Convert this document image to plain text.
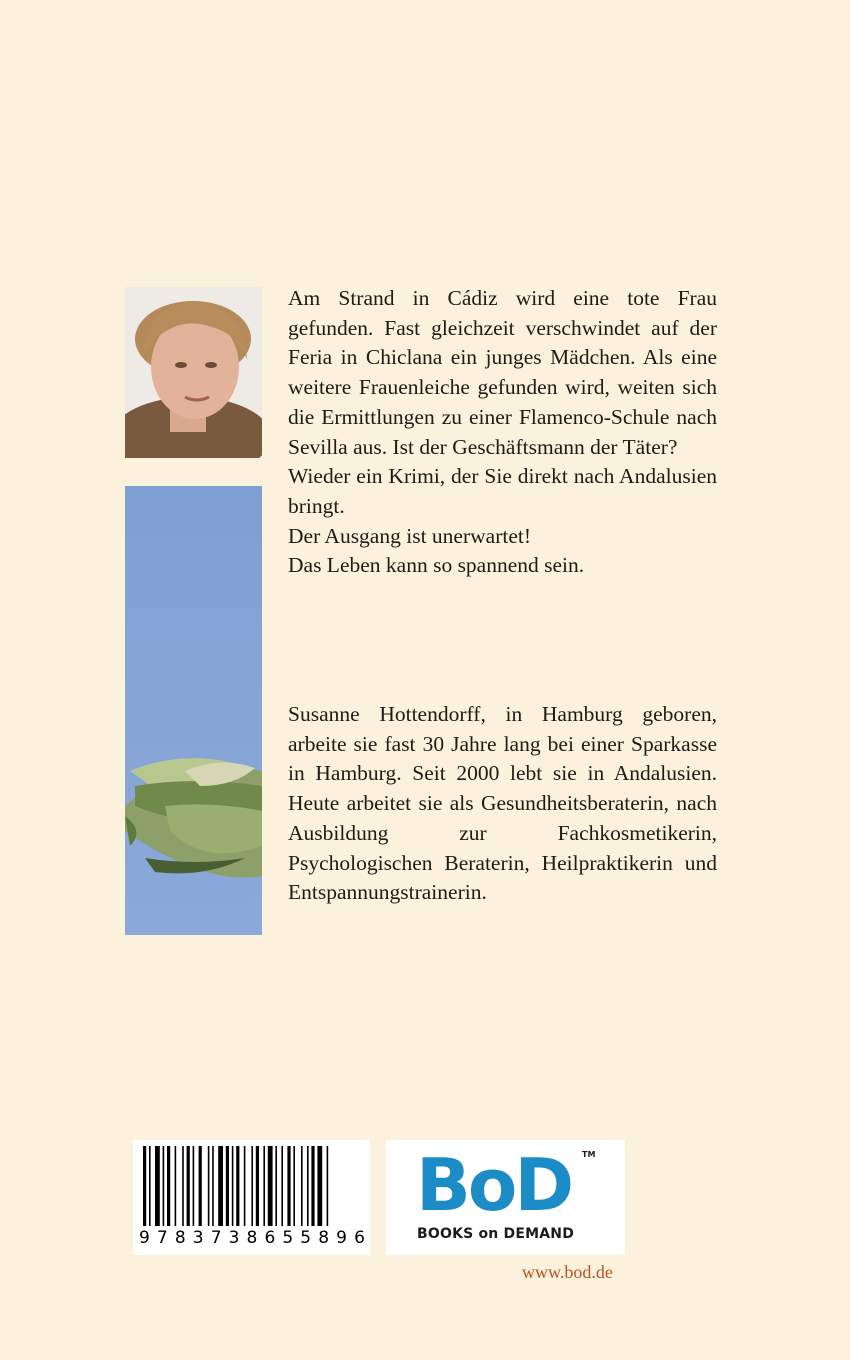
Am Strand in Cádiz wird eine tote Frau gefunden. Fast gleichzeit verschwindet auf der Feria in Chiclana ein junges Mädchen. Als eine weitere Frauenleiche gefunden wird, weiten sich die Ermittlungen zu einer Flamenco-Schule nach Sevilla aus. Ist der Geschäftsmann der Täter?

Wieder ein Krimi, der Sie direkt nach Andalusien bringt.

Der Ausgang ist unerwartet!

Das Leben kann so spannend sein.

Susanne Hottendorff, in Hamburg geboren, arbeite sie fast 30 Jahre lang bei einer Sparkasse in Hamburg. Seit 2000 lebt sie in Andalusien. Heute arbeitet sie als Gesundheitsberaterin, nach Ausbildung zur Fachkosmetikerin, Psychologischen Beraterin, Heilpraktikerin und Entspannungstrainerin.

9 7 8 3 7 3 8 6 5 5 8 9 6
BoD TM
BOOKS on DEMAND
www.bod.de
